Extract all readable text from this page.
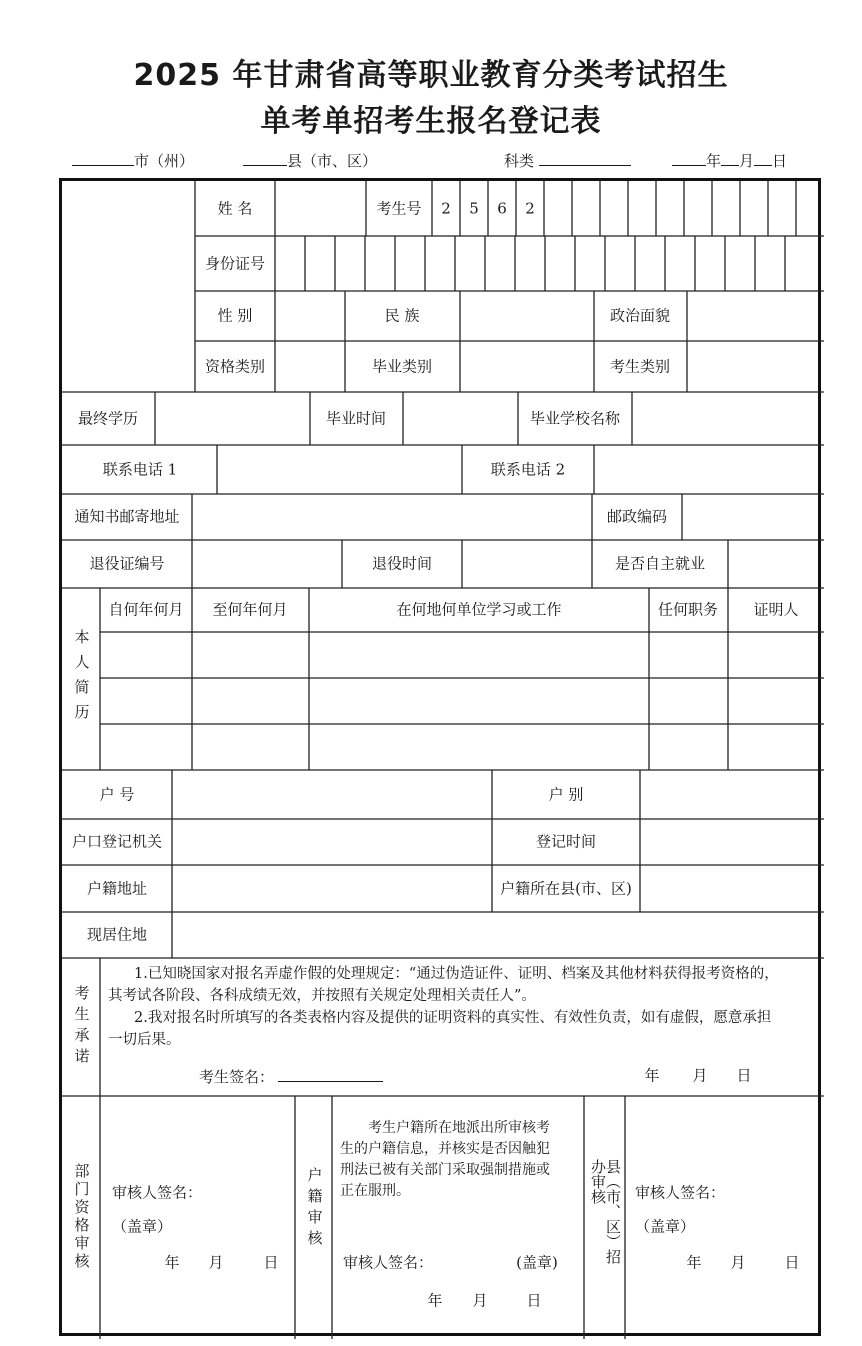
2025 年甘肃省高等职业教育分类考试招生
单考单招考生报名登记表
市（州）	县（市、区）	科类	年 月 日
姓 名	考生号 2 5 6 2
身份证号
性 别	民 族	政治面貌
资格类别	毕业类别	考生类别
最终学历	毕业时间	毕业学校名称
联系电话 1	联系电话 2
通知书邮寄地址	邮政编码
退役证编号	退役时间	是否自主就业
本人简历
自何年何月 至何年何月	在何地何单位学习或工作	任何职务 证明人
户 号	户 别
户口登记机关	登记时间
户籍地址	户籍所在县(市、区)
现居住地
考生承诺
1.已知晓国家对报名弄虚作假的处理规定：“通过伪造证件、证明、档案及其他材料获得报考资格的，
其考试各阶段、各科成绩无效，并按照有关规定处理相关责任人”。
2.我对报名时所填写的各类表格内容及提供的证明资料的真实性、有效性负责，如有虚假，愿意承担
一切后果。
考生签名：	年 月 日
部门资格审核 审核人签名：
（盖章）
年 月	日
户籍审核
考生户籍所在地派出所审核考
生的户籍信息，并核实是否因触犯
刑法已被有关部门采取强制措施或
正在服刑。
审核人签名：	(盖章)
年 月	日
县（市、区）招办审核	审核人签名：
（盖章）
年 月	日
